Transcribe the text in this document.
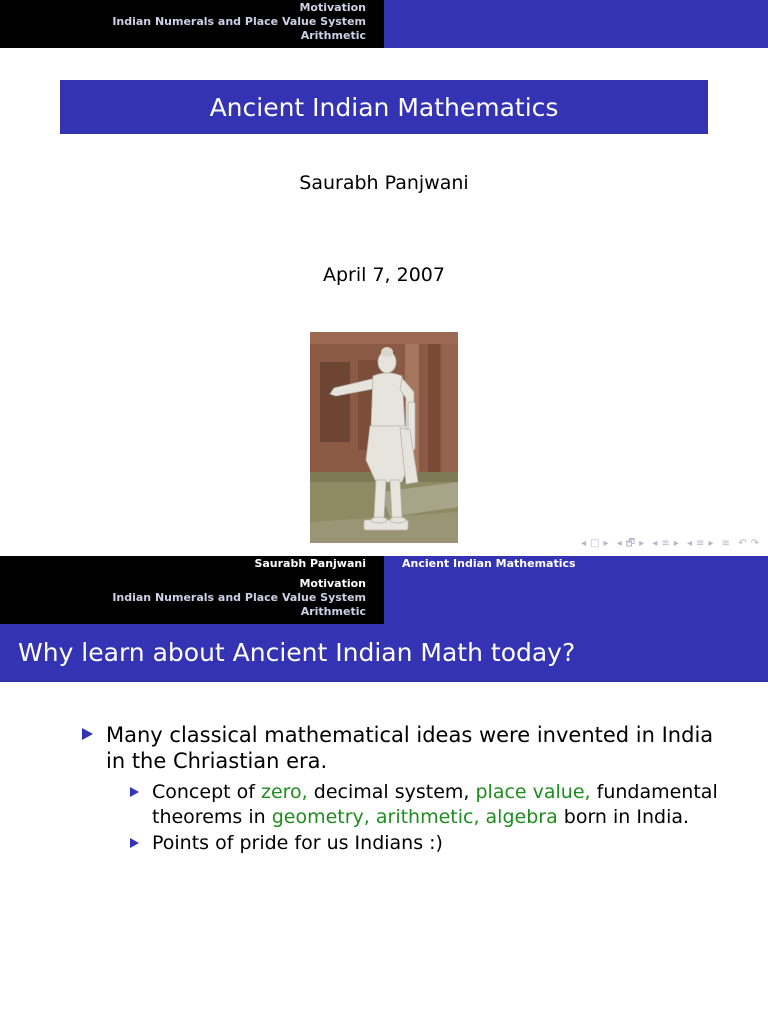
Motivation
Indian Numerals and Place Value System
Arithmetic
Ancient Indian Mathematics
Saurabh Panjwani
April 7, 2007
◂ □ ▸ ◂ 🗗 ▸ ◂ ≡ ▸ ◂ ≡ ▸ ≡ ↶ ↷
Saurabh Panjwani
Motivation
Indian Numerals and Place Value System
Arithmetic
Ancient Indian Mathematics
Why learn about Ancient Indian Math today?
Many classical mathematical ideas were invented in India in the Chriastian era.
Concept of zero, decimal system, place value, fundamental theorems in geometry, arithmetic, algebra born in India.
Points of pride for us Indians :)
